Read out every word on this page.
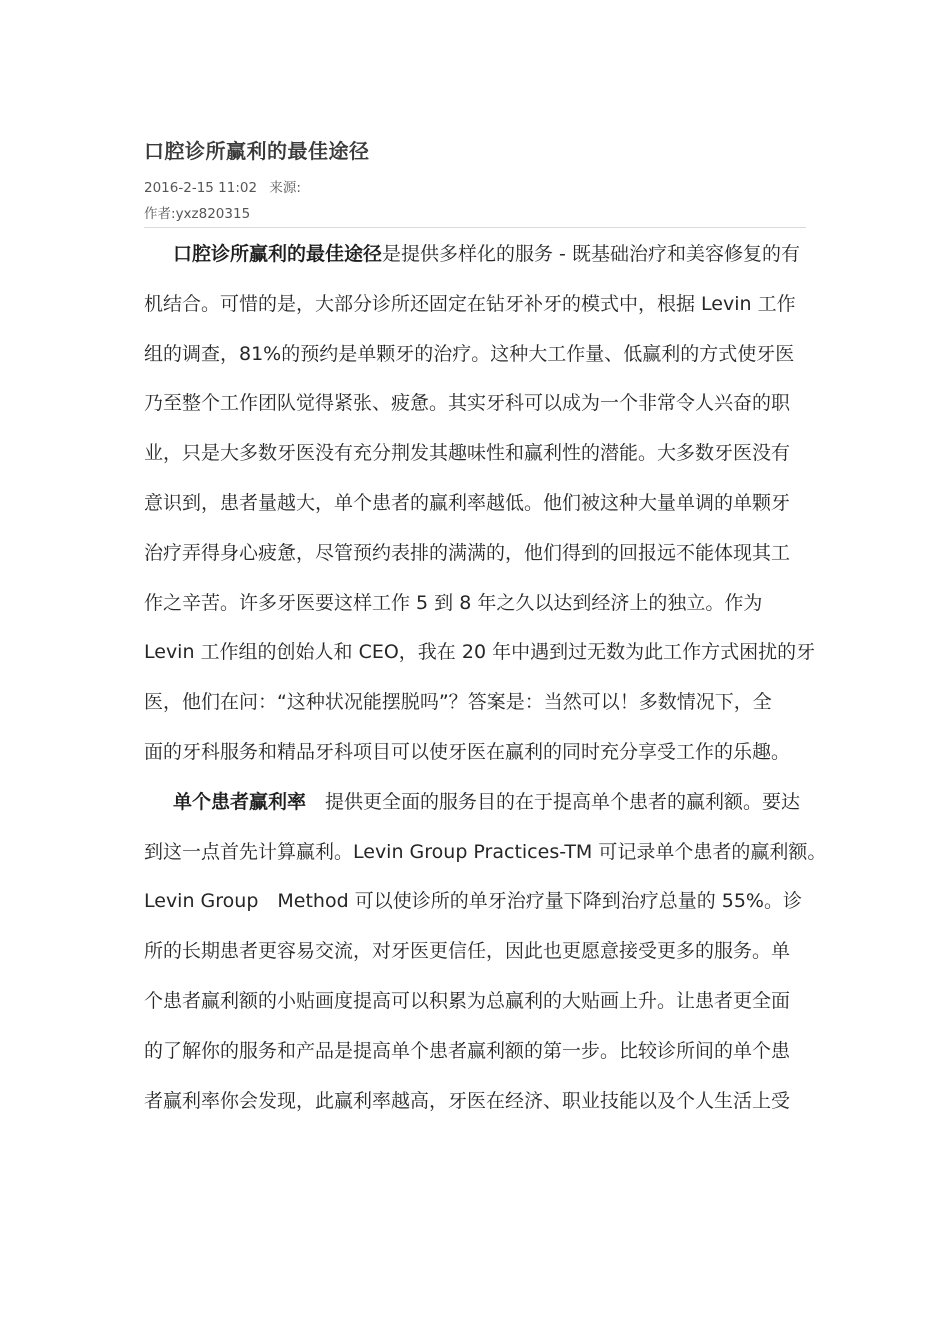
口腔诊所赢利的最佳途径
2016-2-15 11:02 来源:
作者:yxz820315
口腔诊所赢利的最佳途径是提供多样化的服务 - 既基础治疗和美容修复的有
机结合。可惜的是，大部分诊所还固定在钻牙补牙的模式中，根据 Levin 工作
组的调查，81%的预约是单颗牙的治疗。这种大工作量、低赢利的方式使牙医
乃至整个工作团队觉得紧张、疲惫。其实牙科可以成为一个非常令人兴奋的职
业，只是大多数牙医没有充分荆发其趣味性和赢利性的潜能。大多数牙医没有
意识到，患者量越大，单个患者的赢利率越低。他们被这种大量单调的单颗牙
治疗弄得身心疲惫，尽管预约表排的满满的，他们得到的回报远不能体现其工
作之辛苦。许多牙医要这样工作 5 到 8 年之久以达到经济上的独立。作为
Levin 工作组的创始人和 CEO，我在 20 年中遇到过无数为此工作方式困扰的牙
医，他们在问：“这种状况能摆脱吗”？答案是：当然可以！多数情况下，全
面的牙科服务和精品牙科项目可以使牙医在赢利的同时充分享受工作的乐趣。
单个患者赢利率　提供更全面的服务目的在于提高单个患者的赢利额。要达
到这一点首先计算赢利。Levin Group Practices-TM 可记录单个患者的赢利额。
Levin Group　Method 可以使诊所的单牙治疗量下降到治疗总量的 55%。诊
所的长期患者更容易交流，对牙医更信任，因此也更愿意接受更多的服务。单
个患者赢利额的小贴画度提高可以积累为总赢利的大贴画上升。让患者更全面
的了解你的服务和产品是提高单个患者赢利额的第一步。比较诊所间的单个患
者赢利率你会发现，此赢利率越高，牙医在经济、职业技能以及个人生活上受
